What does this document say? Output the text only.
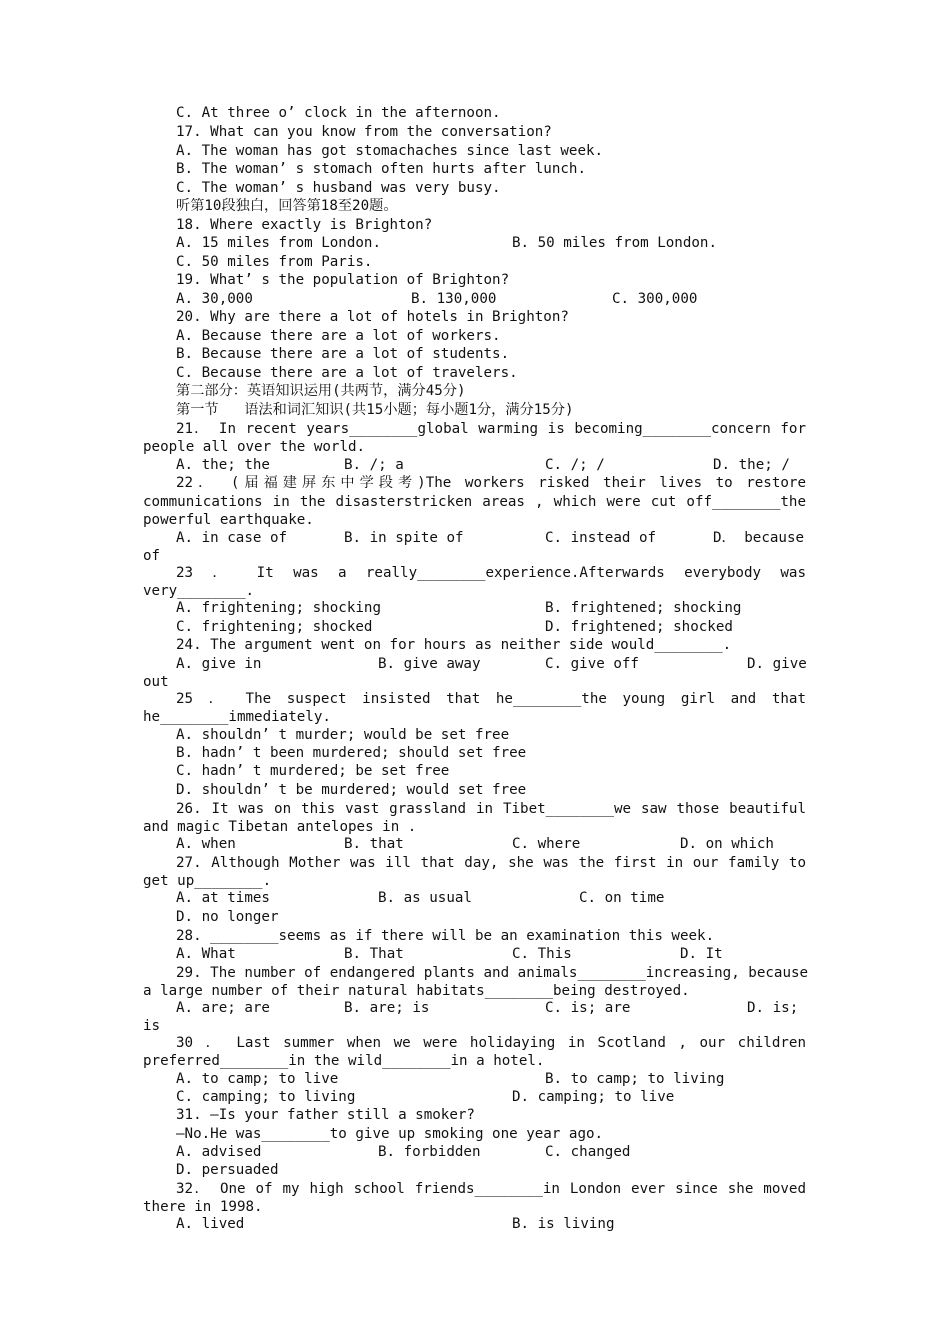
C. At three o’ clock in the afternoon.
17. What can you know from the conversation?
A. The woman has got stomachaches since last week.
B. The woman’ s stomach often hurts after lunch.
C. The woman’ s husband was very busy.
听第10段独白，回答第18至20题。
18. Where exactly is Brighton?
A. 15 miles from London.	B. 50 miles from London.
C. 50 miles from Paris.
19. What’ s the population of Brighton?
A. 30,000	B. 130,000	C. 300,000
20. Why are there a lot of hotels in Brighton?
A. Because there are a lot of workers.
B. Because there are a lot of students.
C. Because there are a lot of travelers.
第二部分：英语知识运用(共两节，满分45分)
第一节   语法和词汇知识(共15小题；每小题1分，满分15分)
21． In recent years________global warming is becoming________concern for
people all over the world.
A. the; the	B. /; a	C. /; /	D. the; /
22． (届福建屏东中学段考)The workers risked their lives to restore
communications in the disasterstricken areas , which were cut off________the
powerful earthquake.
A. in case of	B. in spite of	C. instead of	D． because
of
23 ． It was a really________experience.Afterwards everybody was
very________.
A. frightening; shocking	B. frightened; shocking
C. frightening; shocked	D. frightened; shocked
24. The argument went on for hours as neither side would________.
A. give in	B. give away	C. give off	D. give
out
25 ． The suspect insisted that he________the young girl and that
he________immediately.
A. shouldn’ t murder; would be set free
B. hadn’ t been murdered; should set free
C. hadn’ t murdered; be set free
D. shouldn’ t be murdered; would set free
26. It was on this vast grassland in Tibet________we saw those beautiful
and magic Tibetan antelopes in .
A. when	B. that	C. where	D. on which
27. Although Mother was ill that day, she was the first in our family to
get up________.
A. at times	B. as usual	C. on time
D. no longer
28. ________seems as if there will be an examination this week.
A. What	B. That	C. This	D. It
29. The number of endangered plants and animals________increasing, because
a large number of their natural habitats________being destroyed.
A. are; are	B. are; is	C. is; are	D. is;
is
30 ． Last summer when we were holidaying in Scotland , our children
preferred________in the wild________in a hotel.
A. to camp; to live	B. to camp; to living
C. camping; to living	D. camping; to live
31. —Is your father still a smoker?
—No.He was________to give up smoking one year ago.
A. advised	B. forbidden	C. changed
D. persuaded
32． One of my high school friends________in London ever since she moved
there in 1998.
A. lived	B. is living
